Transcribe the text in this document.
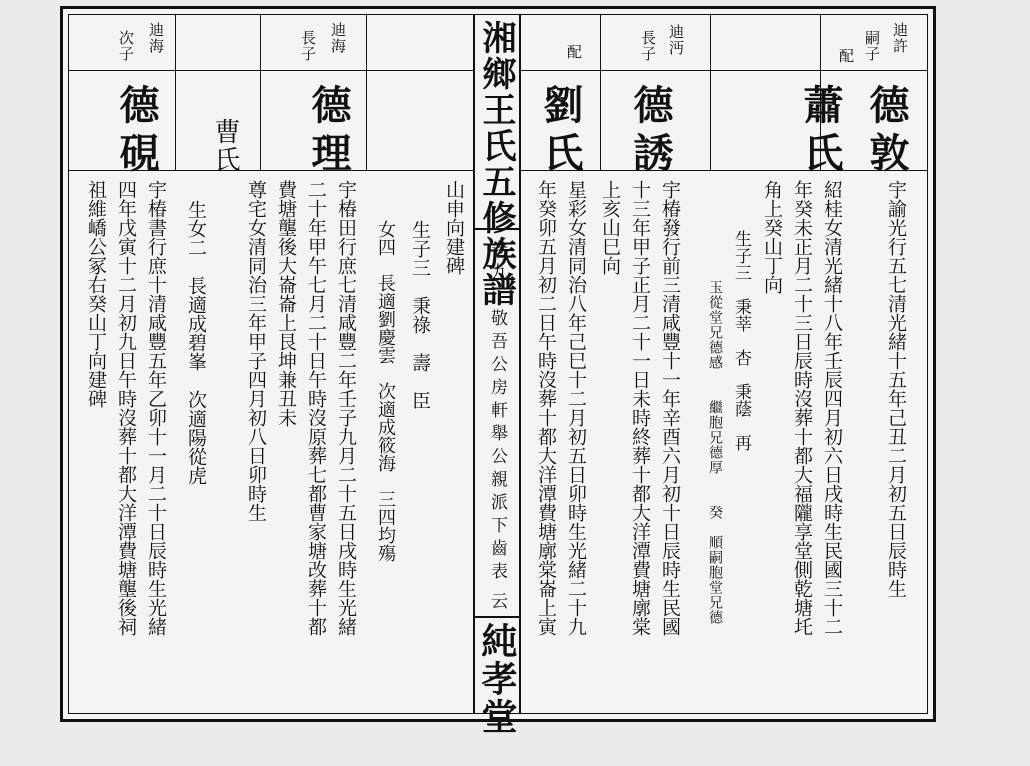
湘鄉王氏五修族譜
卷九　敬吾公房軒舉公親派下齒表
云
純孝堂
迪許
嗣子
配
德敦
蕭氏
迪沔
長子
配
德誘
劉氏
宇諭光行五七清光緒十五年己丑二月初五日辰時生
紹桂女清光緒十八年壬辰四月初六日戌時生民國三十二
年癸未正月二十三日辰時沒葬十都大福隴享堂側乾塘圫
角上癸山丁向
生子三　秉莘　杏　秉蔭　再
玉從堂兄德感　　繼胞兄德厚　　癸　順嗣胞堂兄德
宇椿發行前三清咸豐十一年辛酉六月初十日辰時生民國
十三年甲子正月二十一日未時終葬十都大洋潭費塘廓棠
上亥山巳向
星彩女清同治八年己巳十二月初五日卯時生光緒二十九
年癸卯五月初二日午時沒葬十都大洋潭費塘廓棠崙上寅
迪海
長子
德理
曹氏
迪海
次子
德硯
山申向建碑
生子三　秉祿　壽　臣
女四　長適劉慶雲　次適成筱海　三四均殤
宇椿田行庶七清咸豐二年壬子九月二十五日戌時生光緒
二十年甲午七月二十日午時沒原葬七都曹家塘改葬十都
費塘壟後大崙崙上艮坤兼丑未
尊宅女清同治三年甲子四月初八日卯時生
生女二　長適成碧峯　次適陽從虎
宇椿書行庶十清咸豐五年乙卯十一月二十日辰時生光緒
四年戊寅十二月初九日午時沒葬十都大洋潭費塘壟後祠
祖維嶠公冢右癸山丁向建碑
